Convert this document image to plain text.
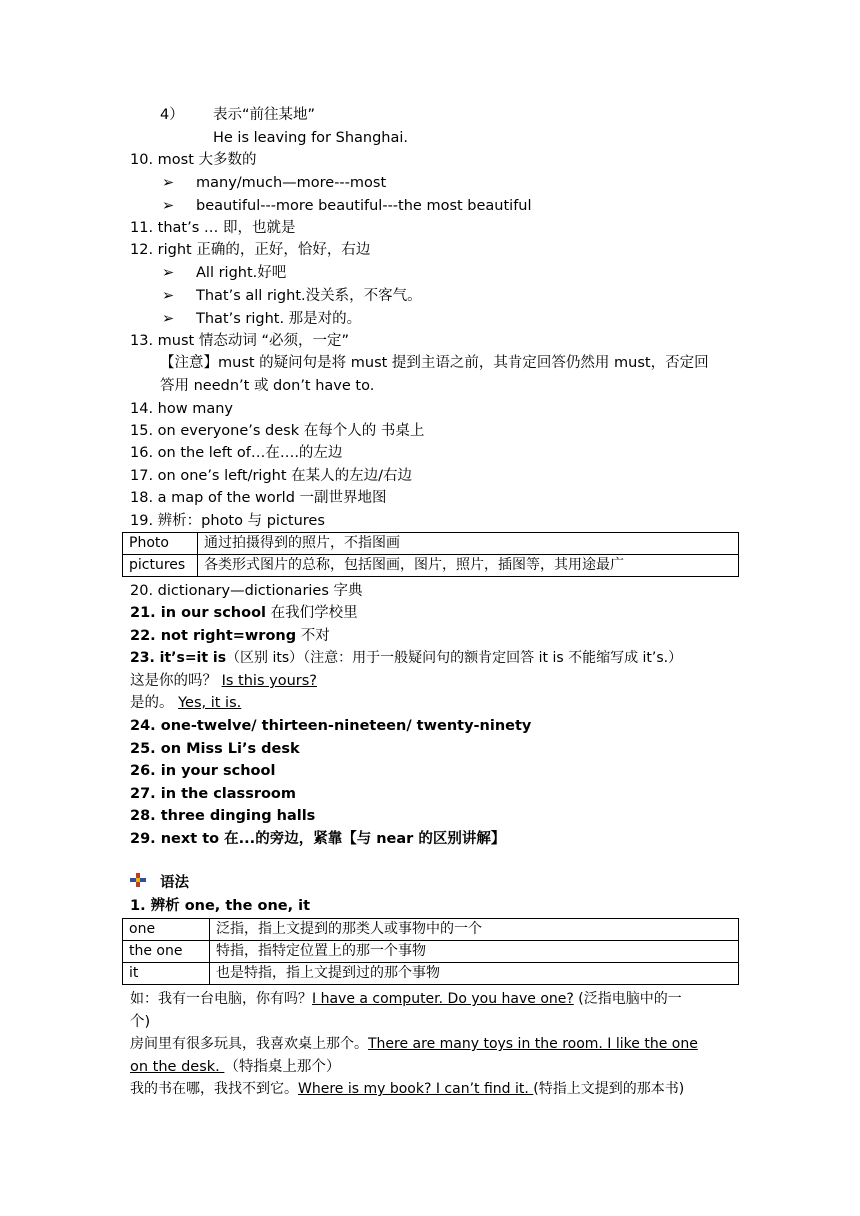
4） 表示“前往某地”
He is leaving for Shanghai.
10. most 大多数的
➢ many/much—more---most
➢ beautiful---more beautiful---the most beautiful
11. that’s … 即，也就是
12. right 正确的，正好，恰好，右边
➢ All right.好吧
➢ That’s all right.没关系，不客气。
➢ That’s right. 那是对的。
13. must 情态动词 “必须，一定”
【注意】must 的疑问句是将 must 提到主语之前，其肯定回答仍然用 must，否定回
答用 needn’t 或 don’t have to.
14. how many
15. on everyone’s desk 在每个人的 书桌上
16. on the left of…在….的左边
17. on one’s left/right 在某人的左边/右边
18. a map of the world 一副世界地图
19. 辨析：photo 与 pictures
Photo	通过拍摄得到的照片，不指图画
pictures	各类形式图片的总称，包括图画，图片，照片，插图等，其用途最广
20. dictionary—dictionaries 字典
21. in our school 在我们学校里
22. not right=wrong 不对
23. it’s=it is（区别 its）（注意：用于一般疑问句的额肯定回答 it is 不能缩写成 it’s.）
这是你的吗？ Is this yours?
是的。 Yes, it is.
24. one-twelve/ thirteen-nineteen/ twenty-ninety
25. on Miss Li’s desk
26. in your school
27. in the classroom
28. three dinging halls
29. next to 在...的旁边，紧靠【与 near 的区别讲解】
语法
1. 辨析 one, the one, it
one	泛指，指上文提到的那类人或事物中的一个
the one	特指，指特定位置上的那一个事物
it	也是特指，指上文提到过的那个事物
如：我有一台电脑，你有吗？I have a computer. Do you have one? (泛指电脑中的一
个)
房间里有很多玩具，我喜欢桌上那个。There are many toys in the room. I like the one
on the desk. （特指桌上那个）
我的书在哪，我找不到它。Where is my book? I can’t find it. (特指上文提到的那本书)
